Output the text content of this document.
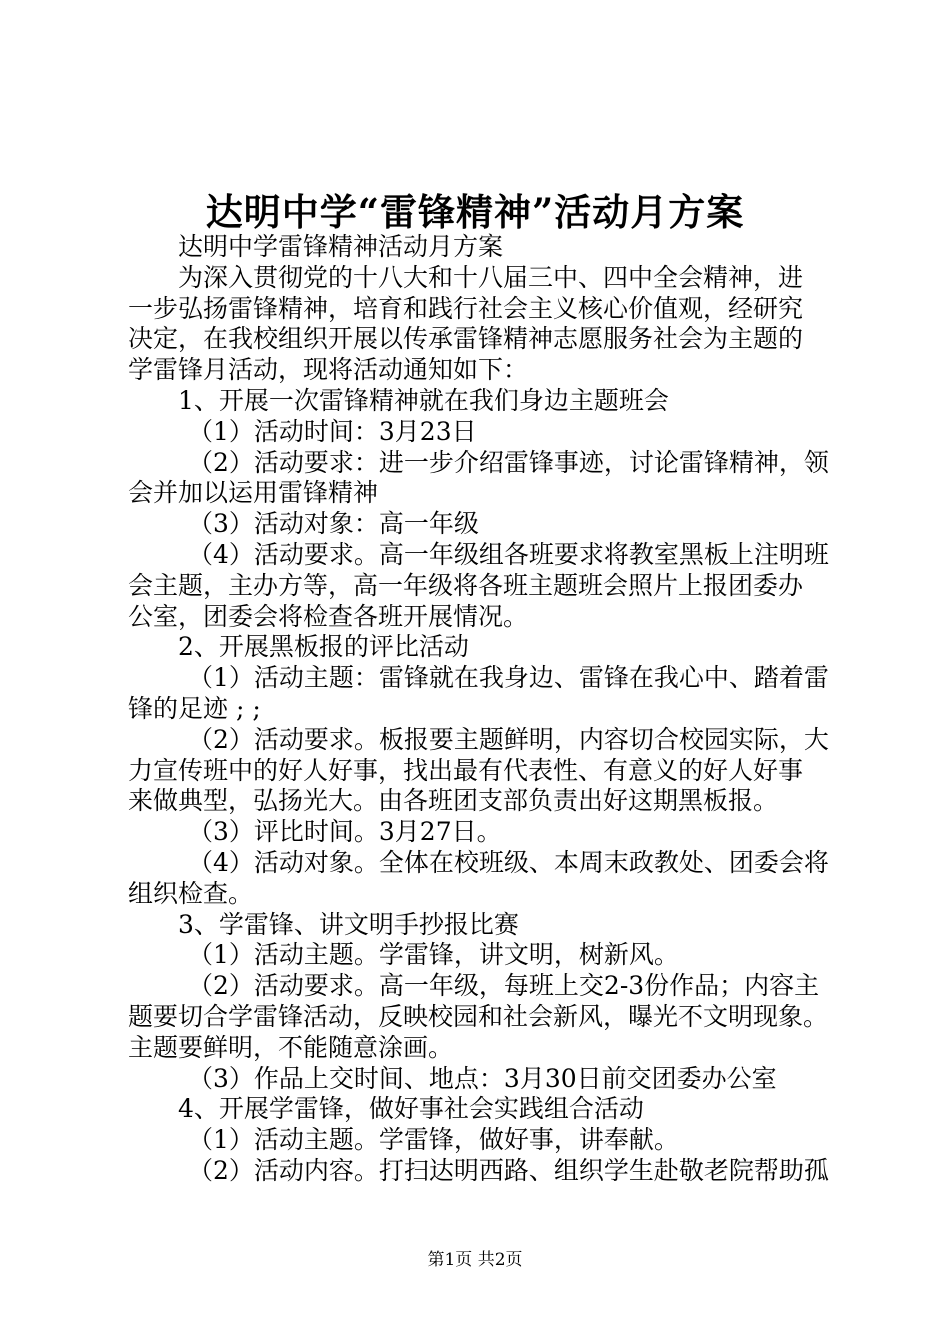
达明中学“雷锋精神”活动月方案
达明中学雷锋精神活动月方案
为深入贯彻党的十八大和十八届三中、四中全会精神，进
一步弘扬雷锋精神，培育和践行社会主义核心价值观，经研究
决定，在我校组织开展以传承雷锋精神志愿服务社会为主题的
学雷锋月活动，现将活动通知如下：
1、开展一次雷锋精神就在我们身边主题班会
（1）活动时间：3月23日
（2）活动要求：进一步介绍雷锋事迹，讨论雷锋精神，领
会并加以运用雷锋精神
（3）活动对象：高一年级
（4）活动要求。高一年级组各班要求将教室黑板上注明班
会主题，主办方等，高一年级将各班主题班会照片上报团委办
公室，团委会将检查各班开展情况。
2、开展黑板报的评比活动
（1）活动主题：雷锋就在我身边、雷锋在我心中、踏着雷
锋的足迹 ; ;
（2）活动要求。板报要主题鲜明，内容切合校园实际，大
力宣传班中的好人好事，找出最有代表性、有意义的好人好事
来做典型，弘扬光大。由各班团支部负责出好这期黑板报。
（3）评比时间。3月27日。
（4）活动对象。全体在校班级、本周末政教处、团委会将
组织检查。
3、学雷锋、讲文明手抄报比赛
（1）活动主题。学雷锋，讲文明，树新风。
（2）活动要求。高一年级，每班上交2-3份作品；内容主
题要切合学雷锋活动，反映校园和社会新风，曝光不文明现象。
主题要鲜明，不能随意涂画。
（3）作品上交时间、地点：3月30日前交团委办公室
4、开展学雷锋，做好事社会实践组合活动
（1）活动主题。学雷锋，做好事，讲奉献。
（2）活动内容。打扫达明西路、组织学生赴敬老院帮助孤
第1页 共2页
